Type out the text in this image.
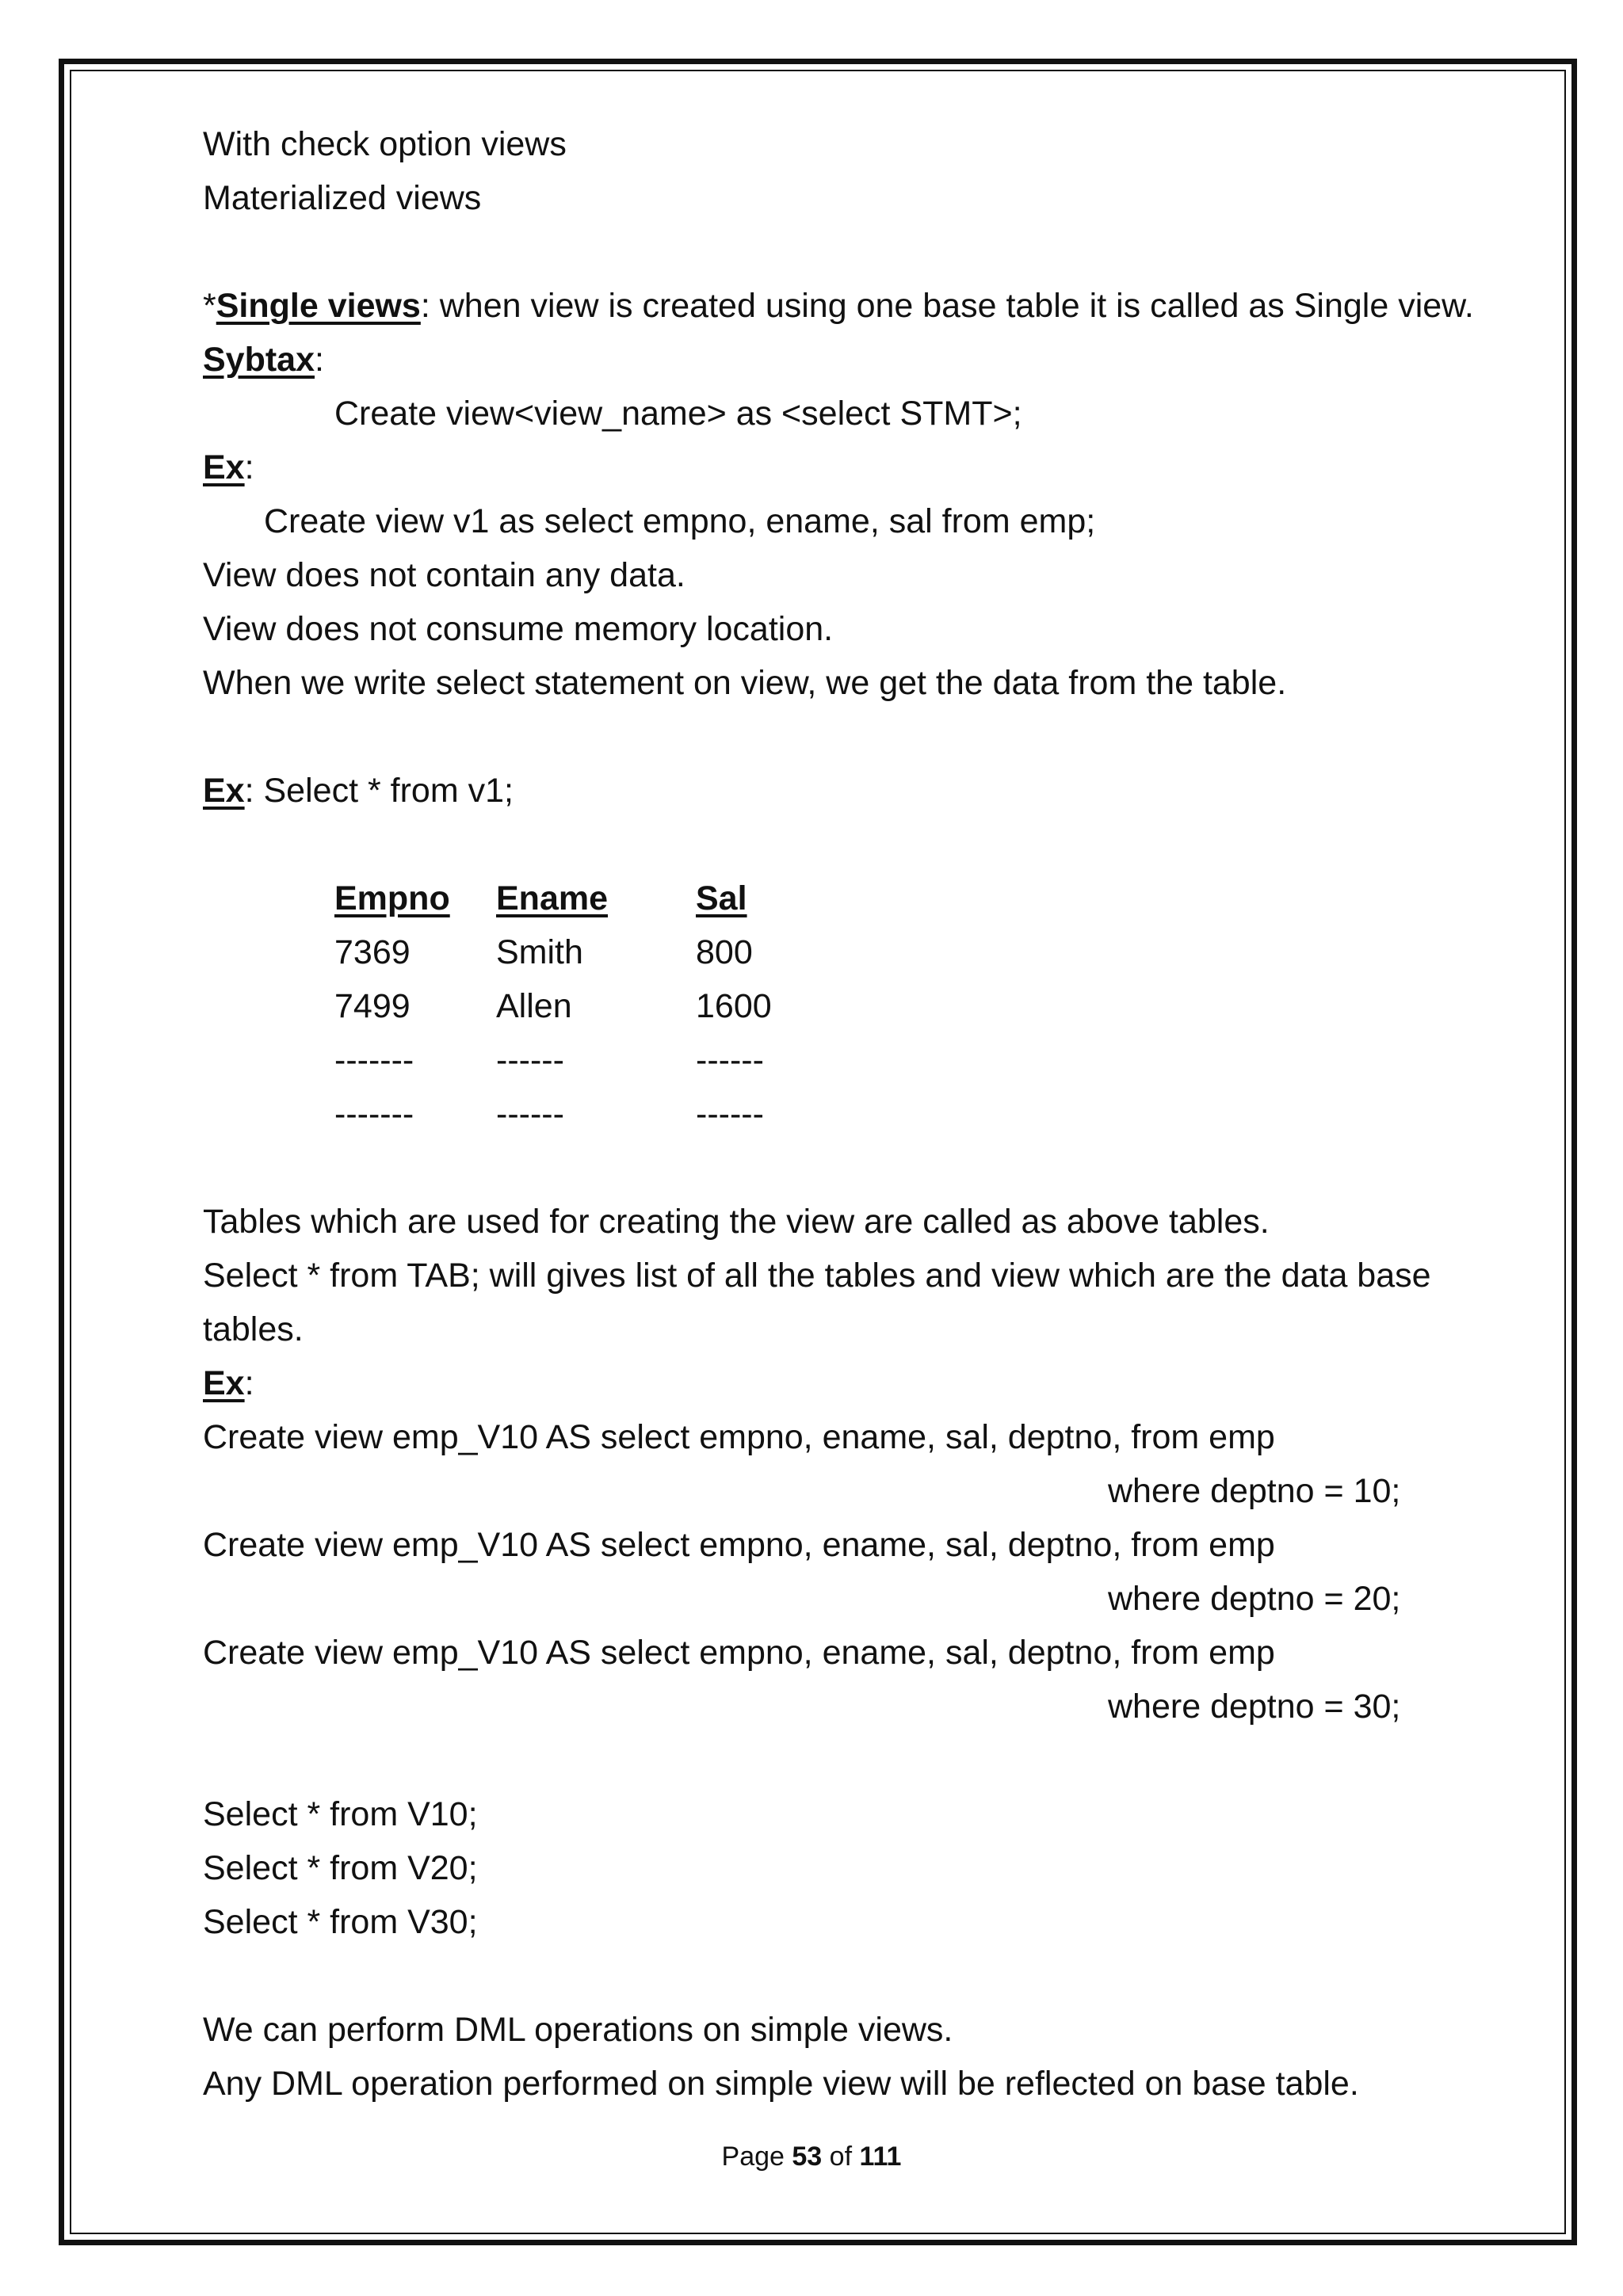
With check option views
Materialized views
*Single views: when view is created using one base table it is called as Single view.
Sybtax:
Create view<view_name> as <select STMT>;
Ex:
Create view v1 as select empno, ename, sal from emp;
View does not contain any data.
View does not consume memory location.
When we write select statement on view, we get the data from the table.
Ex: Select * from v1;
Empno	Ename	Sal
7369	Smith	800
7499	Allen	1600
-------	------	------
-------	------	------
Tables which are used for creating the view are called as above tables.
Select * from TAB; will gives list of all the tables and view which are the data base tables.
Ex:
Create view emp_V10 AS select empno, ename, sal, deptno, from emp
where deptno = 10;
Create view emp_V10 AS select empno, ename, sal, deptno, from emp
where deptno = 20;
Create view emp_V10 AS select empno, ename, sal, deptno, from emp
where deptno = 30;
Select * from V10;
Select * from V20;
Select * from V30;
We can perform DML operations on simple views.
Any DML operation performed on simple view will be reflected on base table.
Page 53 of 111
